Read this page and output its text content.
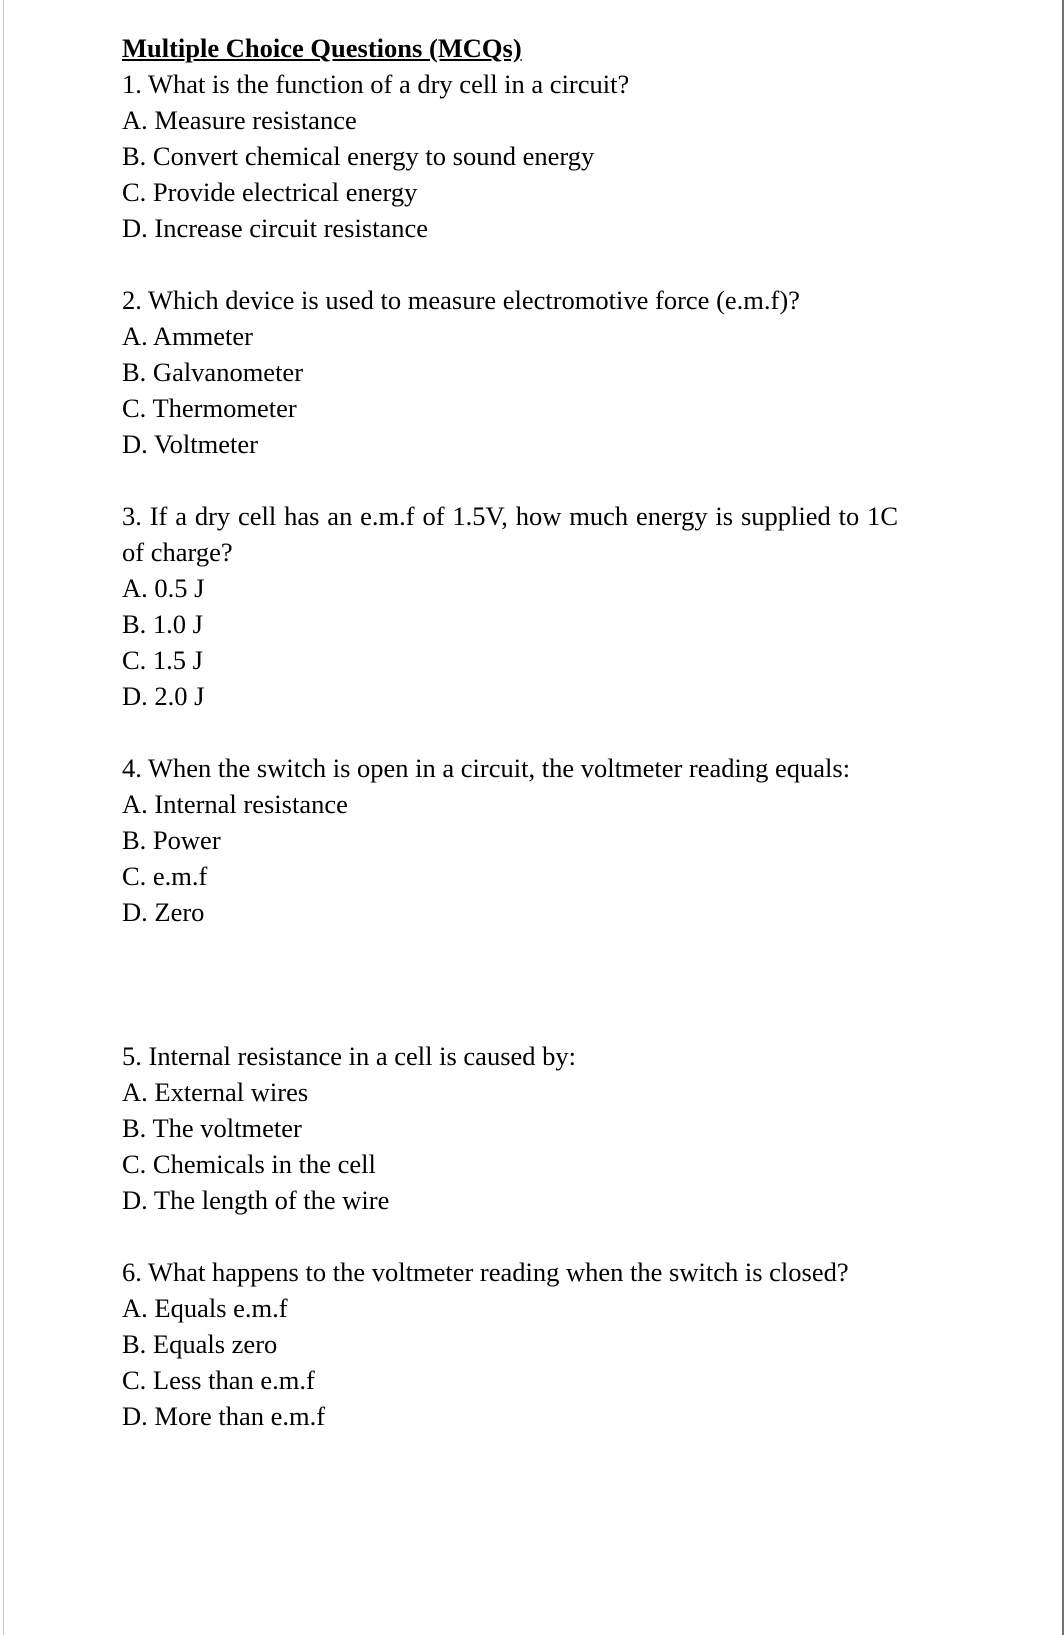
Multiple Choice Questions (MCQs)

1. What is the function of a dry cell in a circuit?

A. Measure resistance

B. Convert chemical energy to sound energy

C. Provide electrical energy

D. Increase circuit resistance

2. Which device is used to measure electromotive force (e.m.f)?

A. Ammeter

B. Galvanometer

C. Thermometer

D. Voltmeter

3. If a dry cell has an e.m.f of 1.5V, how much energy is supplied to 1C of charge?

A. 0.5 J

B. 1.0 J

C. 1.5 J

D. 2.0 J

4. When the switch is open in a circuit, the voltmeter reading equals:

A. Internal resistance

B. Power

C. e.m.f

D. Zero

5. Internal resistance in a cell is caused by:

A. External wires

B. The voltmeter

C. Chemicals in the cell

D. The length of the wire

6. What happens to the voltmeter reading when the switch is closed?

A. Equals e.m.f

B. Equals zero

C. Less than e.m.f

D. More than e.m.f
